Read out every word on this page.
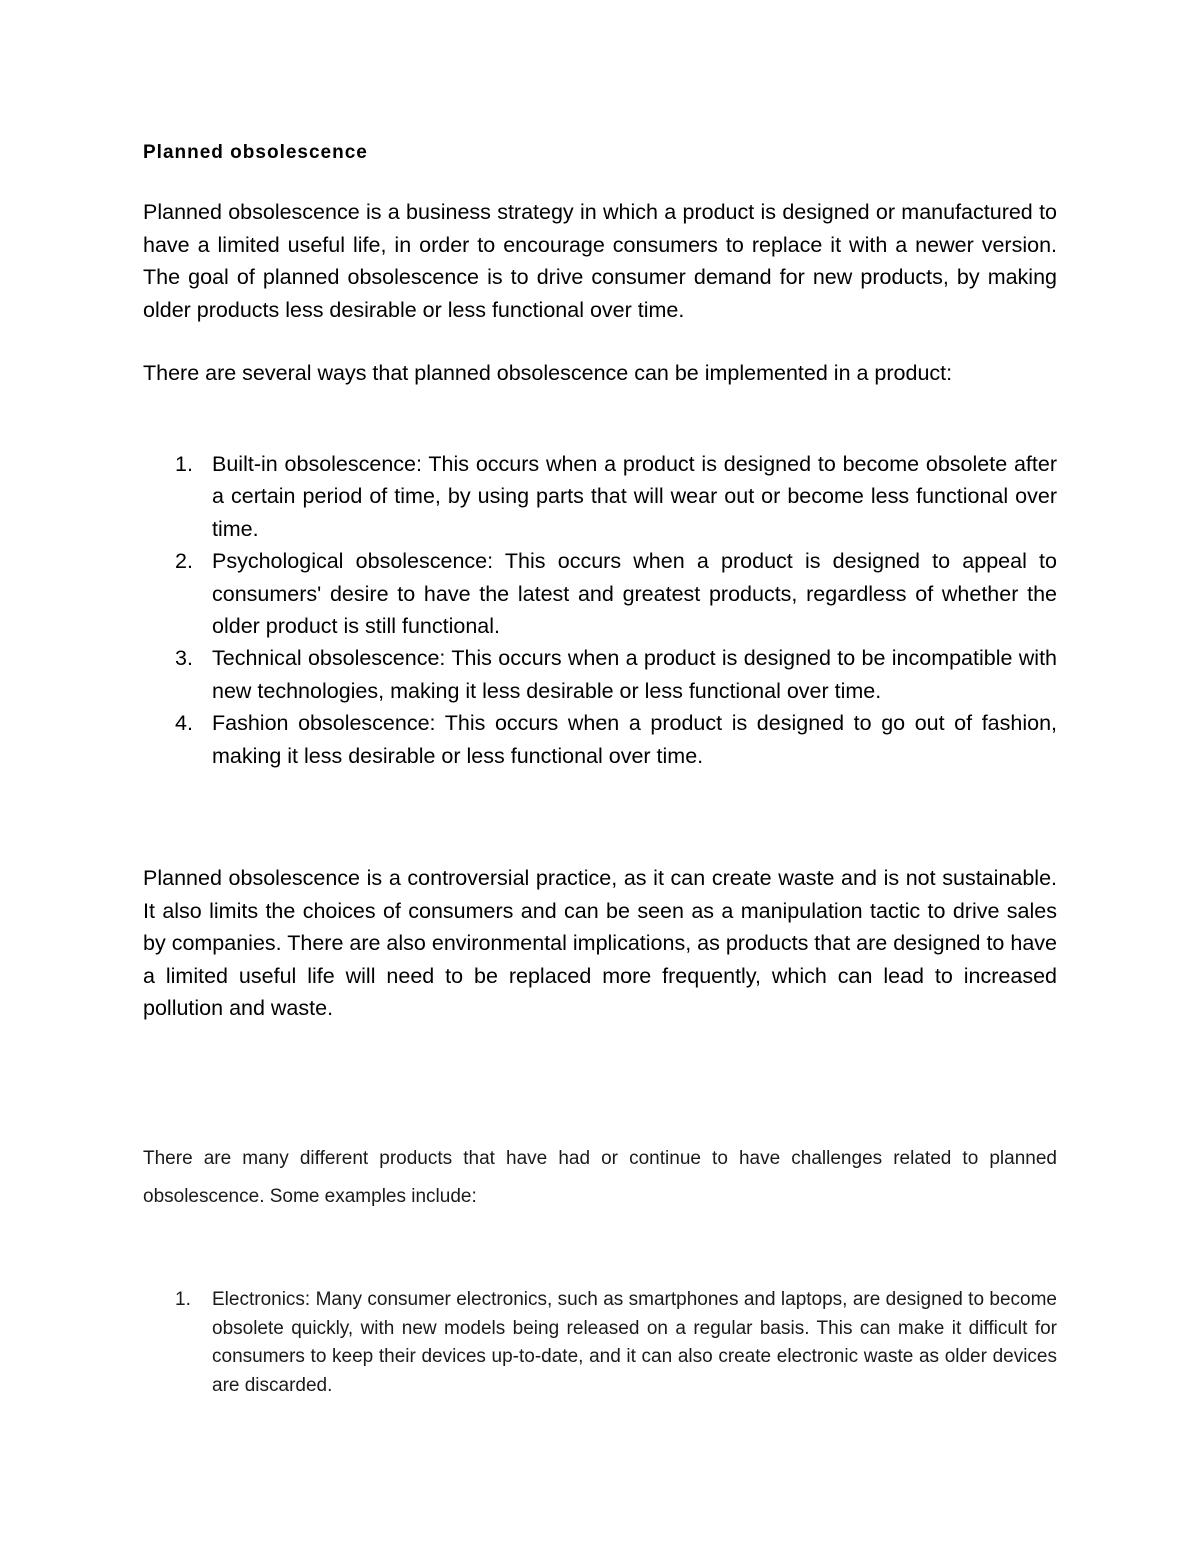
Planned obsolescence

Planned obsolescence is a business strategy in which a product is designed or manufactured to have a limited useful life, in order to encourage consumers to replace it with a newer version. The goal of planned obsolescence is to drive consumer demand for new products, by making older products less desirable or less functional over time.

There are several ways that planned obsolescence can be implemented in a product:

1. Built-in obsolescence: This occurs when a product is designed to become obsolete after a certain period of time, by using parts that will wear out or become less functional over time.
2. Psychological obsolescence: This occurs when a product is designed to appeal to consumers' desire to have the latest and greatest products, regardless of whether the older product is still functional.
3. Technical obsolescence: This occurs when a product is designed to be incompatible with new technologies, making it less desirable or less functional over time.
4. Fashion obsolescence: This occurs when a product is designed to go out of fashion, making it less desirable or less functional over time.

Planned obsolescence is a controversial practice, as it can create waste and is not sustainable. It also limits the choices of consumers and can be seen as a manipulation tactic to drive sales by companies. There are also environmental implications, as products that are designed to have a limited useful life will need to be replaced more frequently, which can lead to increased pollution and waste.

There are many different products that have had or continue to have challenges related to planned obsolescence. Some examples include:

1. Electronics: Many consumer electronics, such as smartphones and laptops, are designed to become obsolete quickly, with new models being released on a regular basis. This can make it difficult for consumers to keep their devices up-to-date, and it can also create electronic waste as older devices are discarded.
